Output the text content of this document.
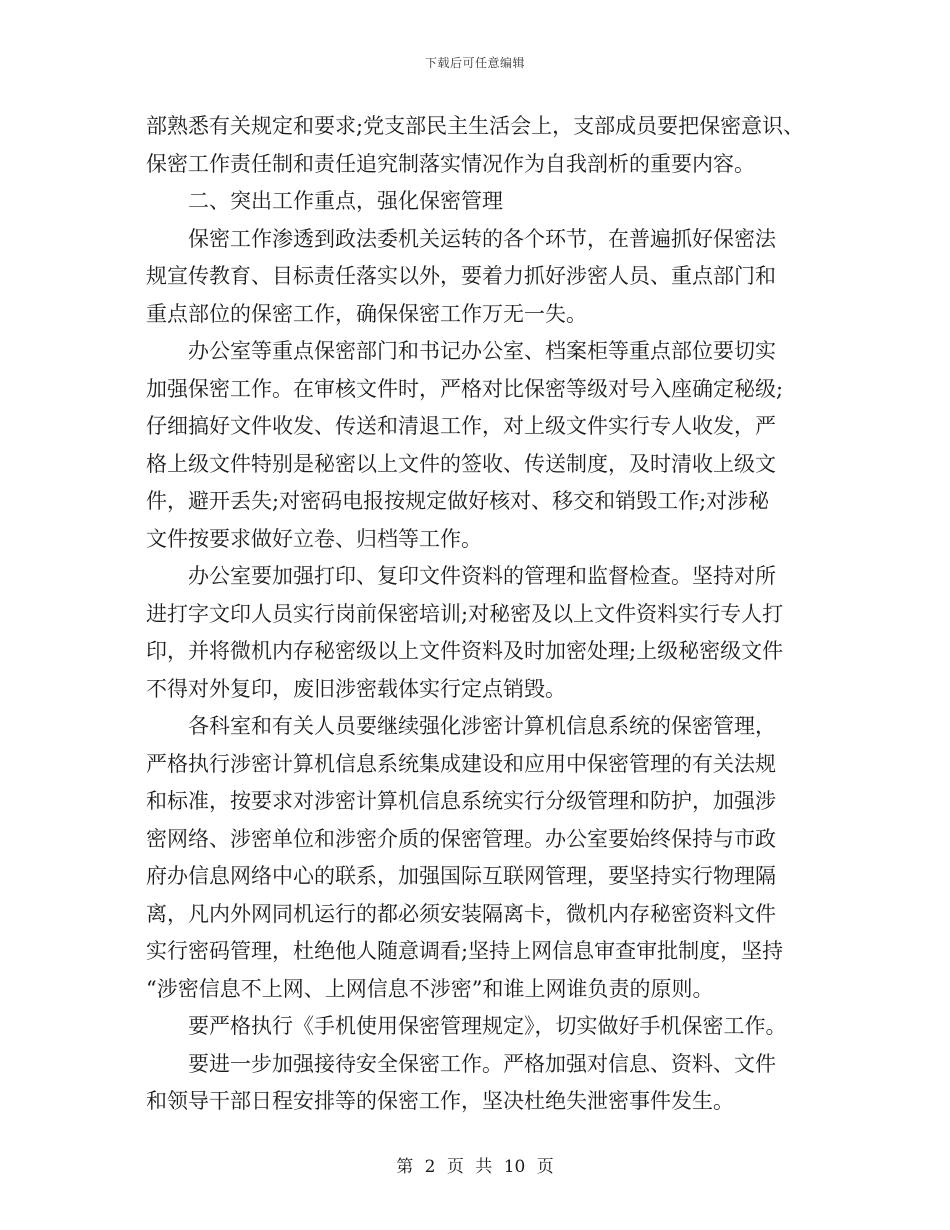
下载后可任意编辑
部熟悉有关规定和要求;党支部民主生活会上，支部成员要把保密意识、
保密工作责任制和责任追究制落实情况作为自我剖析的重要内容。
二、突出工作重点，强化保密管理
保密工作渗透到政法委机关运转的各个环节，在普遍抓好保密法
规宣传教育、目标责任落实以外，要着力抓好涉密人员、重点部门和
重点部位的保密工作，确保保密工作万无一失。
办公室等重点保密部门和书记办公室、档案柜等重点部位要切实
加强保密工作。在审核文件时，严格对比保密等级对号入座确定秘级;
仔细搞好文件收发、传送和清退工作，对上级文件实行专人收发，严
格上级文件特别是秘密以上文件的签收、传送制度，及时清收上级文
件，避开丢失;对密码电报按规定做好核对、移交和销毁工作;对涉秘
文件按要求做好立卷、归档等工作。
办公室要加强打印、复印文件资料的管理和监督检查。坚持对所
进打字文印人员实行岗前保密培训;对秘密及以上文件资料实行专人打
印，并将微机内存秘密级以上文件资料及时加密处理;上级秘密级文件
不得对外复印，废旧涉密载体实行定点销毁。
各科室和有关人员要继续强化涉密计算机信息系统的保密管理，
严格执行涉密计算机信息系统集成建设和应用中保密管理的有关法规
和标准，按要求对涉密计算机信息系统实行分级管理和防护，加强涉
密网络、涉密单位和涉密介质的保密管理。办公室要始终保持与市政
府办信息网络中心的联系，加强国际互联网管理，要坚持实行物理隔
离，凡内外网同机运行的都必须安装隔离卡，微机内存秘密资料文件
实行密码管理，杜绝他人随意调看;坚持上网信息审查审批制度，坚持
“涉密信息不上网、上网信息不涉密”和谁上网谁负责的原则。
要严格执行《手机使用保密管理规定》，切实做好手机保密工作。
要进一步加强接待安全保密工作。严格加强对信息、资料、文件
和领导干部日程安排等的保密工作，坚决杜绝失泄密事件发生。
第 2 页 共 10 页
